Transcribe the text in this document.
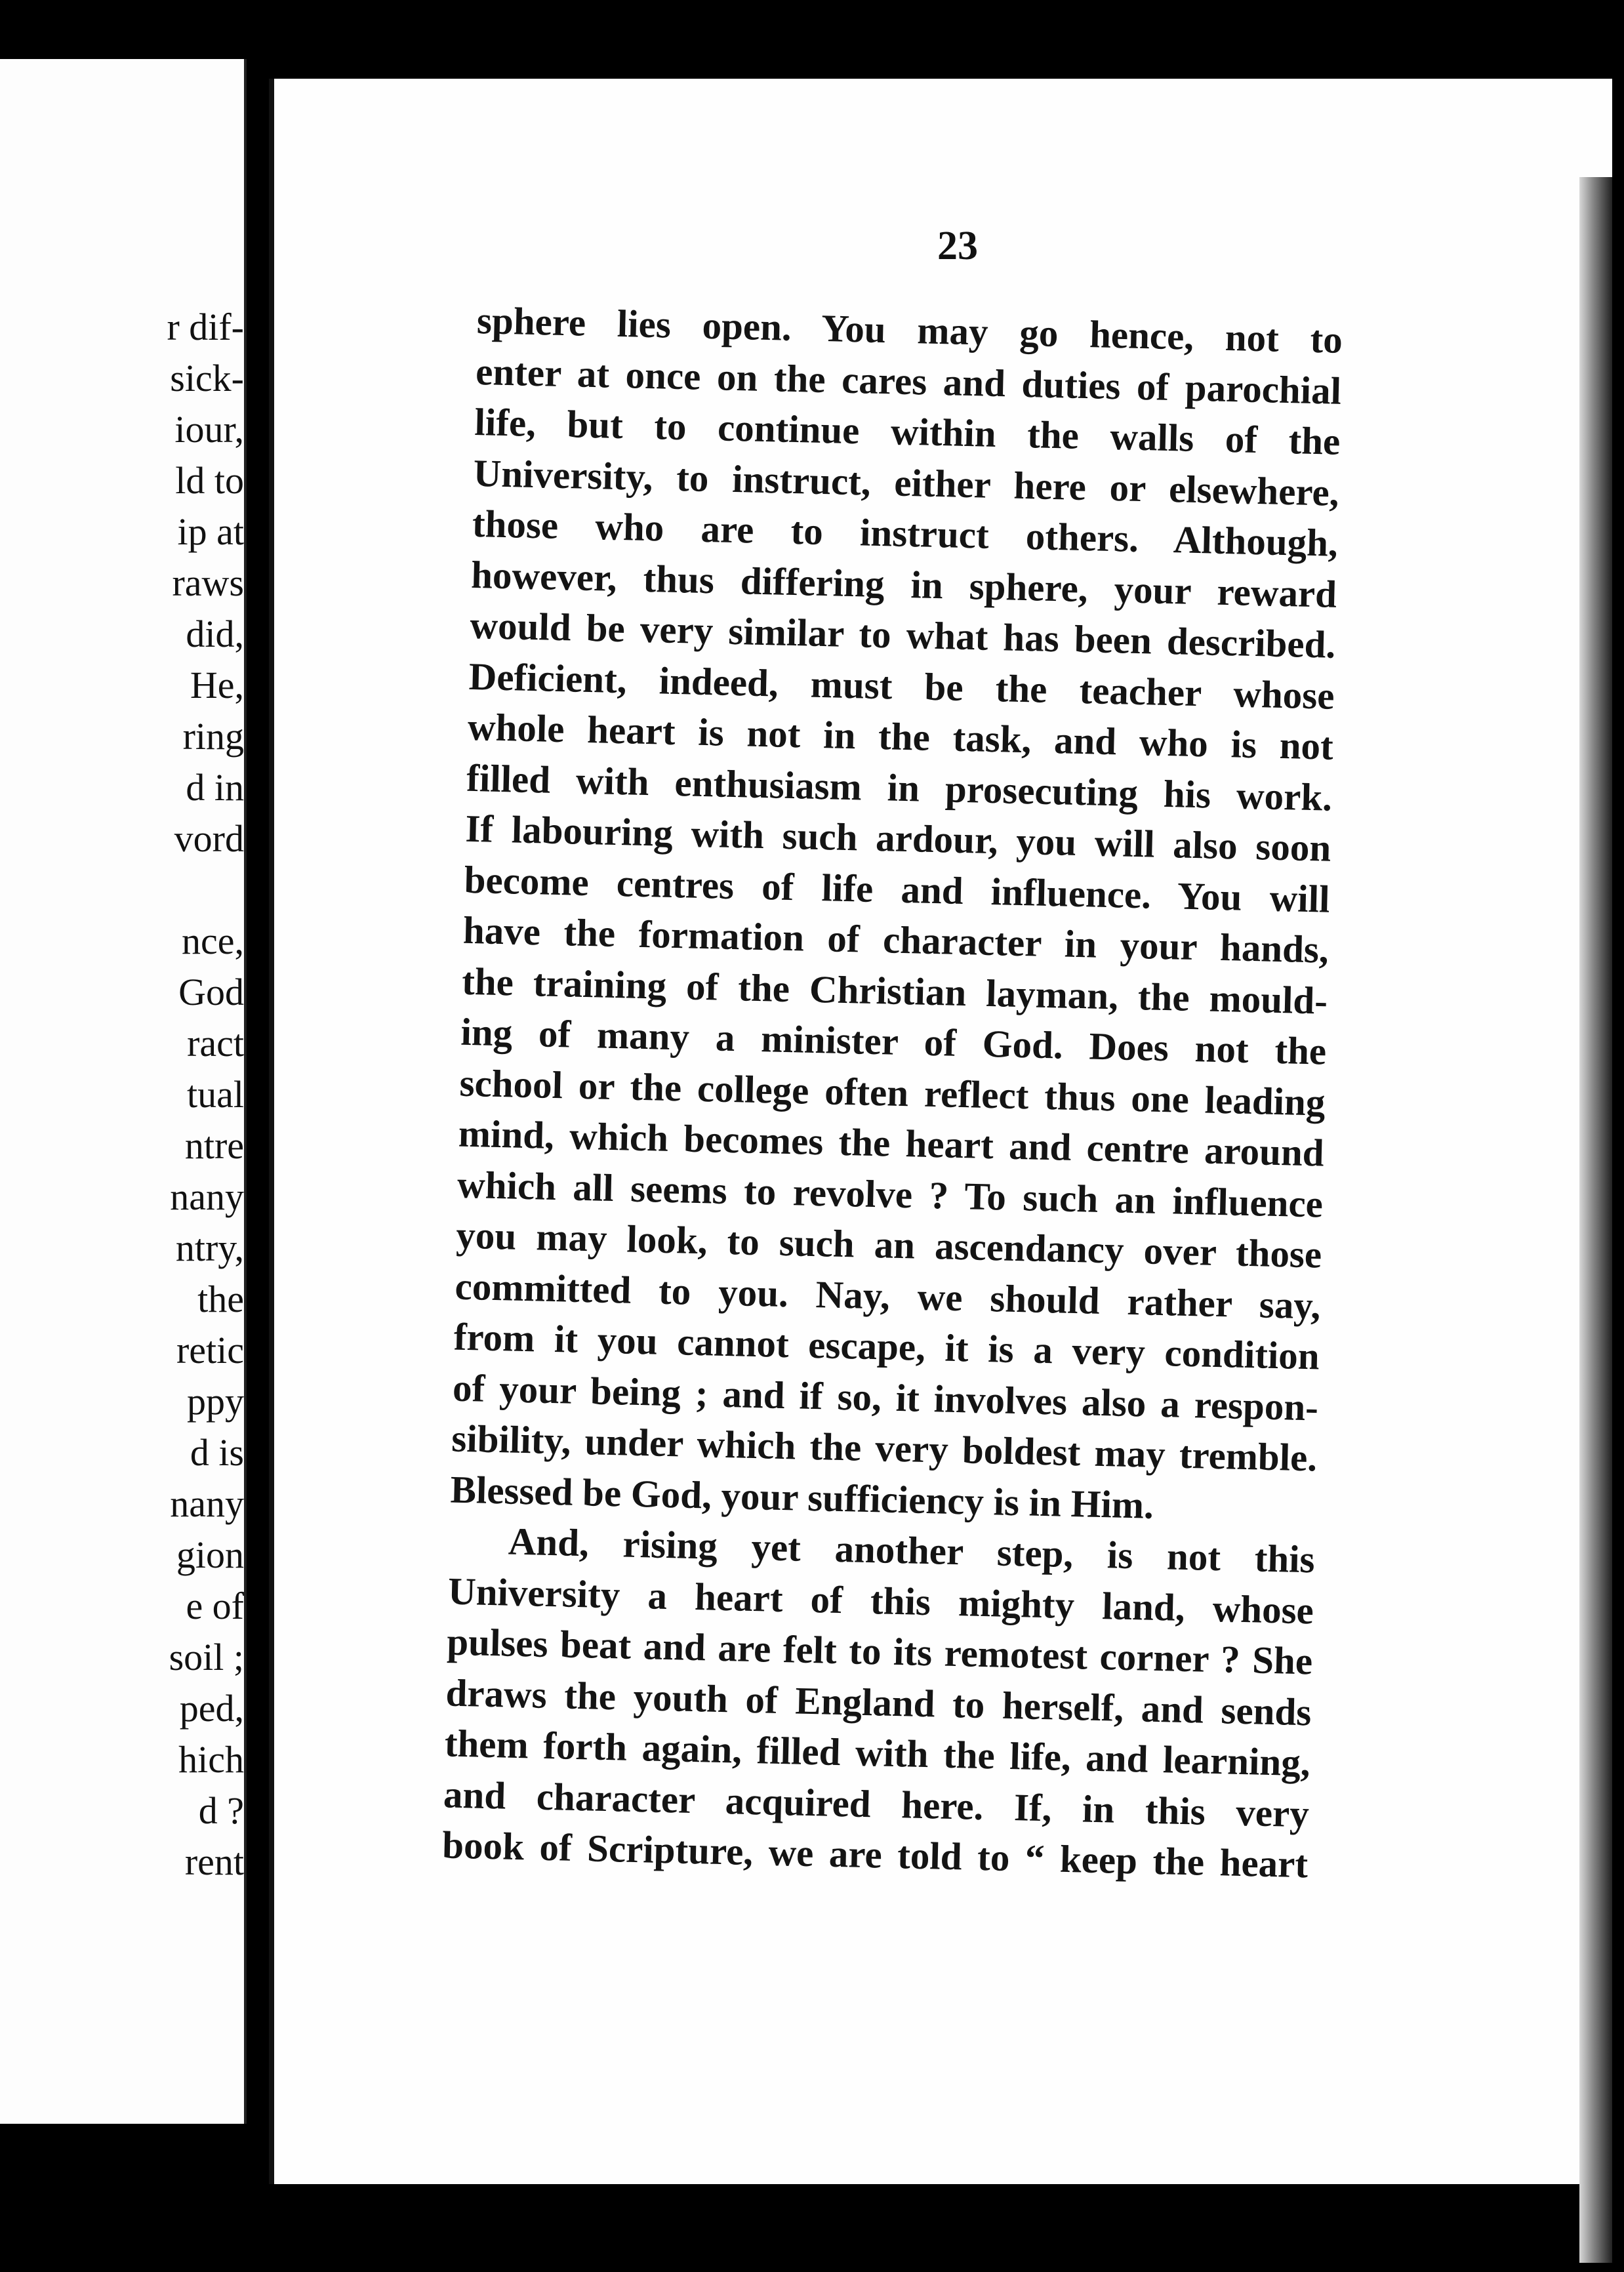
r dif-
sick-
iour,
ld to
ip at
raws
did,
He,
ring
d in
vord
nce,
God
ract
tual
ntre
nany
ntry,
the
retic
ppy
d is
nany
gion
e of
soil ;
ped,
hich
d ?
rent
23
sphere lies open. You may go hence, not to
enter at once on the cares and duties of parochial
life, but to continue within the walls of the
University, to instruct, either here or elsewhere,
those who are to instruct others. Although,
however, thus differing in sphere, your reward
would be very similar to what has been described.
Deficient, indeed, must be the teacher whose
whole heart is not in the task, and who is not
filled with enthusiasm in prosecuting his work.
If labouring with such ardour, you will also soon
become centres of life and influence. You will
have the formation of character in your hands,
the training of the Christian layman, the mould-
ing of many a minister of God. Does not the
school or the college often reflect thus one leading
mind, which becomes the heart and centre around
which all seems to revolve ? To such an influence
you may look, to such an ascendancy over those
committed to you. Nay, we should rather say,
from it you cannot escape, it is a very condition
of your being ; and if so, it involves also a respon-
sibility, under which the very boldest may tremble.
Blessed be God, your sufficiency is in Him.
And, rising yet another step, is not this
University a heart of this mighty land, whose
pulses beat and are felt to its remotest corner ? She
draws the youth of England to herself, and sends
them forth again, filled with the life, and learning,
and character acquired here. If, in this very
book of Scripture, we are told to “ keep the heart
